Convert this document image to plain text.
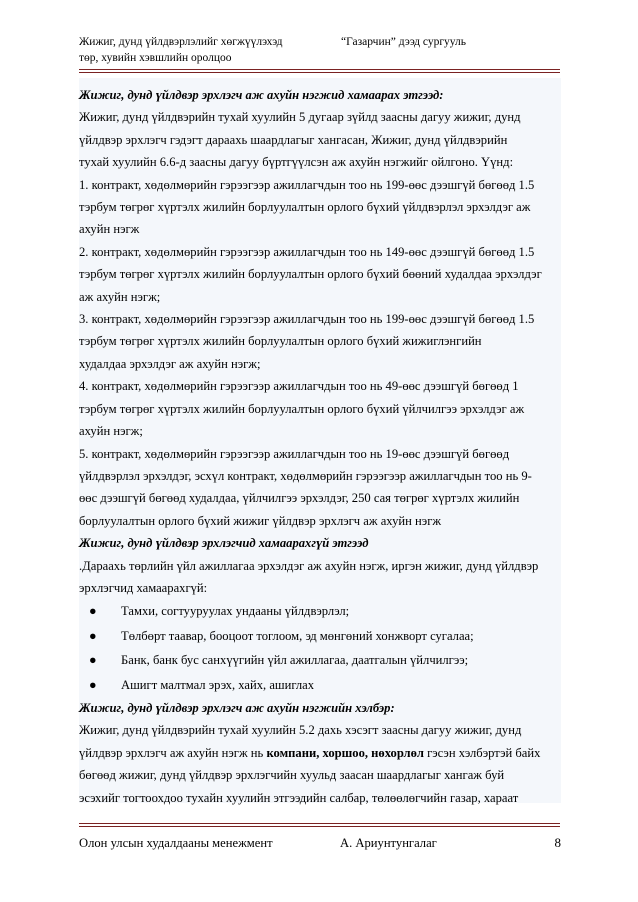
Жижиг, дунд үйлдвэрлэлийг хөгжүүлэхэд
төр, хувийн хэвшлийн оролцоо
“Газарчин” дээд сургууль

Жижиг, дунд үйлдвэр эрхлэгч аж ахуйн нэгжид хамаарах этгээд:

Жижиг, дунд үйлдвэрийн тухай хуулийн 5 дугаар зүйлд заасны дагуу жижиг, дунд

үйлдвэр эрхлэгч гэдэгт дараахь шаардлагыг хангасан, Жижиг, дунд үйлдвэрийн

тухай хуулийн 6.6-д заасны дагуу бүртгүүлсэн аж ахуйн нэгжийг ойлгоно. Үүнд:

1. контракт, хөдөлмөрийн гэрээгээр ажиллагчдын тоо нь 199-өөс дээшгүй бөгөөд 1.5

тэрбум төгрөг хүртэлх жилийн борлуулалтын орлого бүхий үйлдвэрлэл эрхэлдэг аж

ахуйн нэгж

2. контракт, хөдөлмөрийн гэрээгээр ажиллагчдын тоо нь 149-өөс дээшгүй бөгөөд 1.5

тэрбум төгрөг хүртэлх жилийн борлуулалтын орлого бүхий бөөний худалдаа эрхэлдэг

аж ахуйн нэгж;

3. контракт, хөдөлмөрийн гэрээгээр ажиллагчдын тоо нь 199-өөс дээшгүй бөгөөд 1.5

тэрбум төгрөг хүртэлх жилийн борлуулалтын орлого бүхий жижиглэнгийн

худалдаа эрхэлдэг аж ахуйн нэгж;

4. контракт, хөдөлмөрийн гэрээгээр ажиллагчдын тоо нь 49-өөс дээшгүй бөгөөд 1

тэрбум төгрөг хүртэлх жилийн борлуулалтын орлого бүхий үйлчилгээ эрхэлдэг аж

ахуйн нэгж;

5. контракт, хөдөлмөрийн гэрээгээр ажиллагчдын тоо нь 19-өөс дээшгүй бөгөөд

үйлдвэрлэл эрхэлдэг, эсхүл контракт, хөдөлмөрийн гэрээгээр ажиллагчдын тоо нь 9-

өөс дээшгүй бөгөөд худалдаа, үйлчилгээ эрхэлдэг, 250 сая төгрөг хүртэлх жилийн

борлуулалтын орлого бүхий жижиг үйлдвэр эрхлэгч аж ахуйн нэгж

Жижиг, дунд үйлдвэр эрхлэгчид хамаарахгүй этгээд

.Дараахь төрлийн үйл ажиллагаа эрхэлдэг аж ахуйн нэгж, иргэн жижиг, дунд үйлдвэр

эрхлэгчид хамаарахгүй:

● Тамхи, согтууруулах ундааны үйлдвэрлэл;
● Төлбөрт таавар, бооцоот тоглоом, эд мөнгөний хонжворт сугалаа;
● Банк, банк бус санхүүгийн үйл ажиллагаа, даатгалын үйлчилгээ;
● Ашигт малтмал эрэх, хайх, ашиглах

Жижиг, дунд үйлдвэр эрхлэгч аж ахуйн нэгжийн хэлбэр:

Жижиг, дунд үйлдвэрийн тухай хуулийн 5.2 дахь хэсэгт заасны дагуу жижиг, дунд

үйлдвэр эрхлэгч аж ахуйн нэгж нь компани, хоршоо, нөхорлөл гэсэн хэлбэртэй байх

бөгөөд жижиг, дунд үйлдвэр эрхлэгчийн хуульд заасан шаардлагыг хангаж буй

эсэхийг тогтоохдоо тухайн хуулийн этгээдийн салбар, төлөөлөгчийн газар, хараат

Олон улсын худалдааны менежмент	А. Ариунтунгалаг	8
